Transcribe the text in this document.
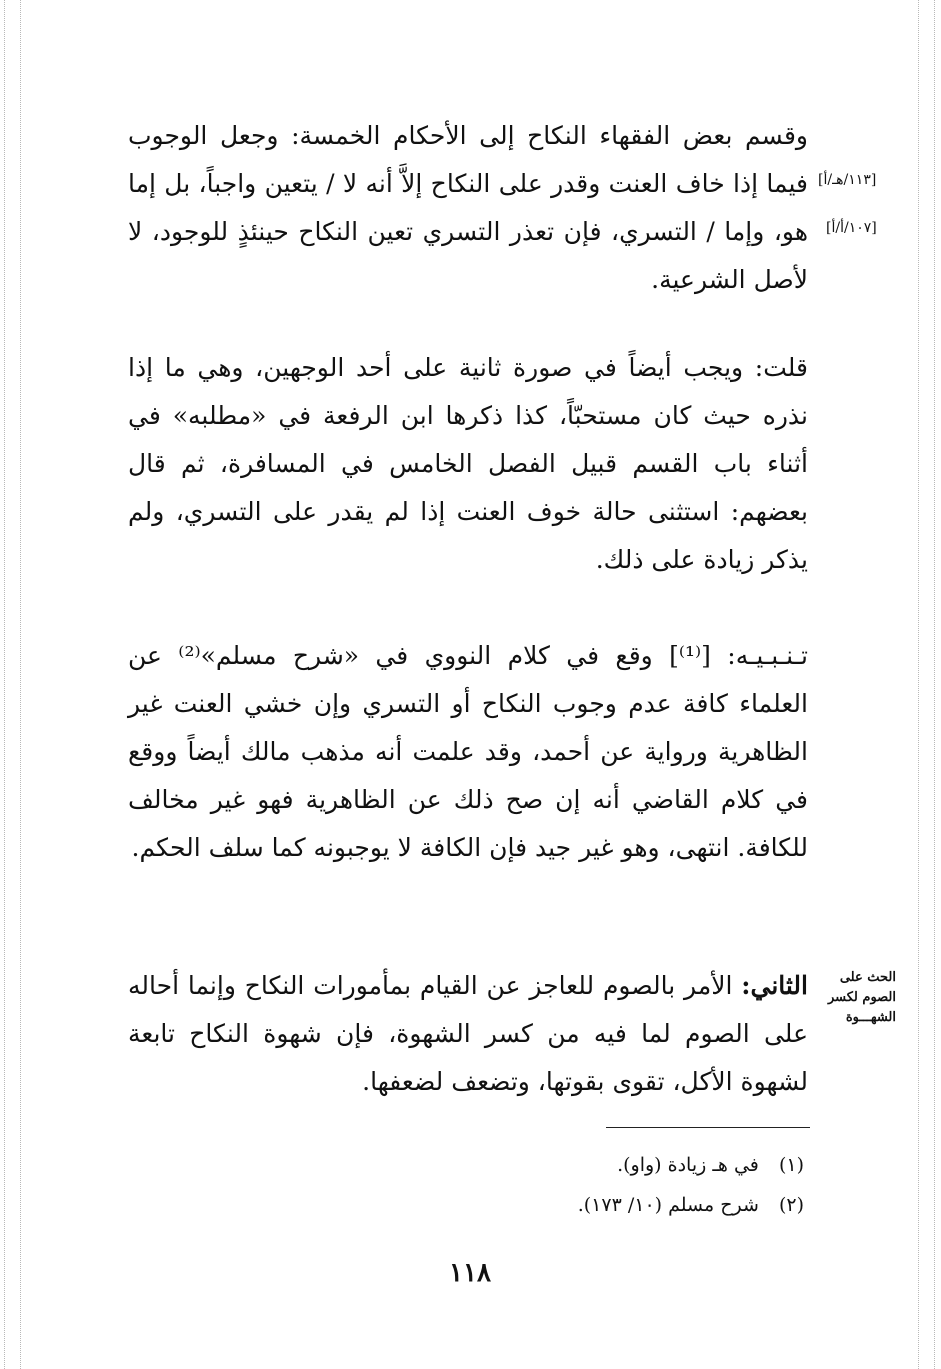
[١١٣/هـ/أ]
[١٠٧/أ/أ]

وقسم بعض الفقهاء النكاح إلى الأحكام الخمسة: وجعل الوجوب فيما إذا خاف العنت وقدر على النكاح إلاَّ أنه لا / يتعين واجباً، بل إما هو، وإما / التسري، فإن تعذر التسري تعين النكاح حينئذٍ للوجود، لا لأصل الشرعية.

قلت: ويجب أيضاً في صورة ثانية على أحد الوجهين، وهي ما إذا نذره حيث كان مستحبّاً، كذا ذكرها ابن الرفعة في «مطلبه» في أثناء باب القسم قبيل الفصل الخامس في المسافرة، ثم قال بعضهم: استثنى حالة خوف العنت إذا لم يقدر على التسري، ولم يذكر زيادة على ذلك.

تـنـبـيـه: [⁽¹⁾] وقع في كلام النووي في «شرح مسلم»⁽²⁾ عن العلماء كافة عدم وجوب النكاح أو التسري وإن خشي العنت غير الظاهرية ورواية عن أحمد، وقد علمت أنه مذهب مالك أيضاً ووقع في كلام القاضي أنه إن صح ذلك عن الظاهرية فهو غير مخالف للكافة. انتهى، وهو غير جيد فإن الكافة لا يوجبونه كما سلف الحكم.

الحث على
الصوم لكسر
الشهـــوة

الثاني: الأمر بالصوم للعاجز عن القيام بمأمورات النكاح وإنما أحاله على الصوم لما فيه من كسر الشهوة، فإن شهوة النكاح تابعة لشهوة الأكل، تقوى بقوتها، وتضعف لضعفها.

(١) في هـ زيادة (واو).
(٢) شرح مسلم (١٠/ ١٧٣).
١١٨
